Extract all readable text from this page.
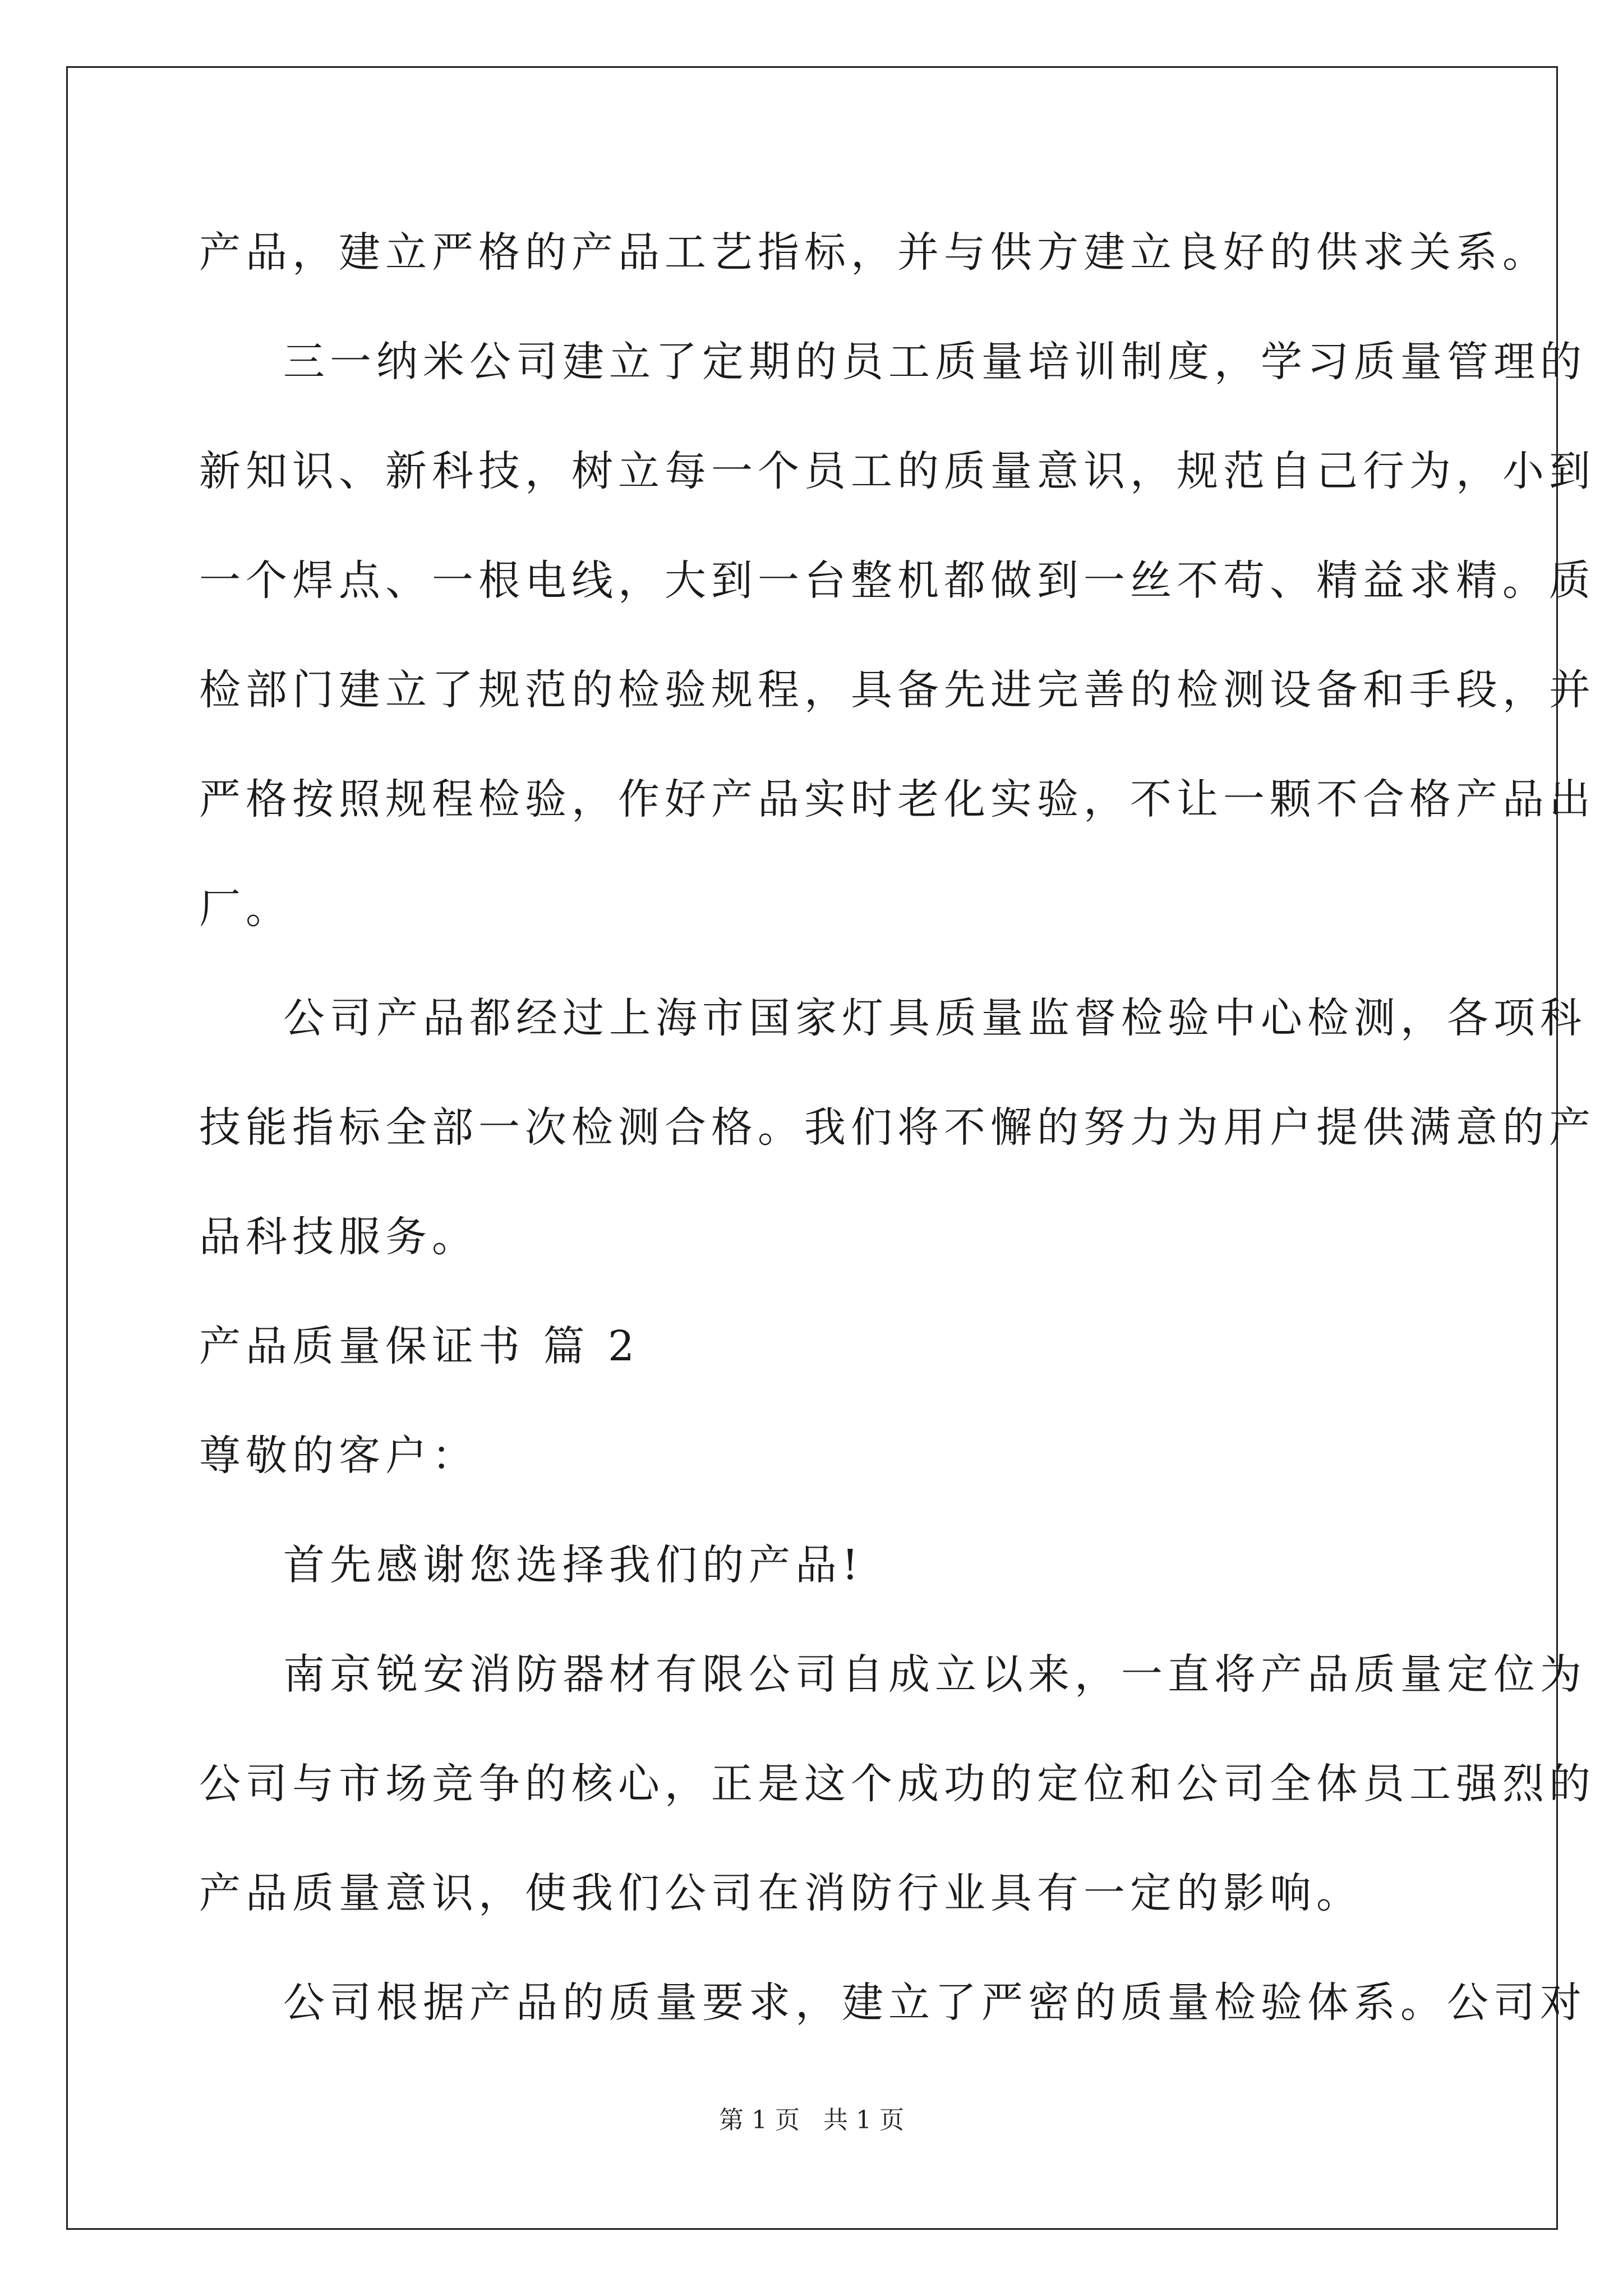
产品，建立严格的产品工艺指标，并与供方建立良好的供求关系。
三一纳米公司建立了定期的员工质量培训制度，学习质量管理的
新知识、新科技，树立每一个员工的质量意识，规范自己行为，小到
一个焊点、一根电线，大到一台整机都做到一丝不苟、精益求精。质
检部门建立了规范的检验规程，具备先进完善的检测设备和手段，并
严格按照规程检验，作好产品实时老化实验，不让一颗不合格产品出
厂。
公司产品都经过上海市国家灯具质量监督检验中心检测，各项科
技能指标全部一次检测合格。我们将不懈的努力为用户提供满意的产
品科技服务。
产品质量保证书 篇 2
尊敬的客户：
首先感谢您选择我们的产品!
南京锐安消防器材有限公司自成立以来，一直将产品质量定位为
公司与市场竞争的核心，正是这个成功的定位和公司全体员工强烈的
产品质量意识，使我们公司在消防行业具有一定的影响。
公司根据产品的质量要求，建立了严密的质量检验体系。公司对
第 1 页 共 1 页
